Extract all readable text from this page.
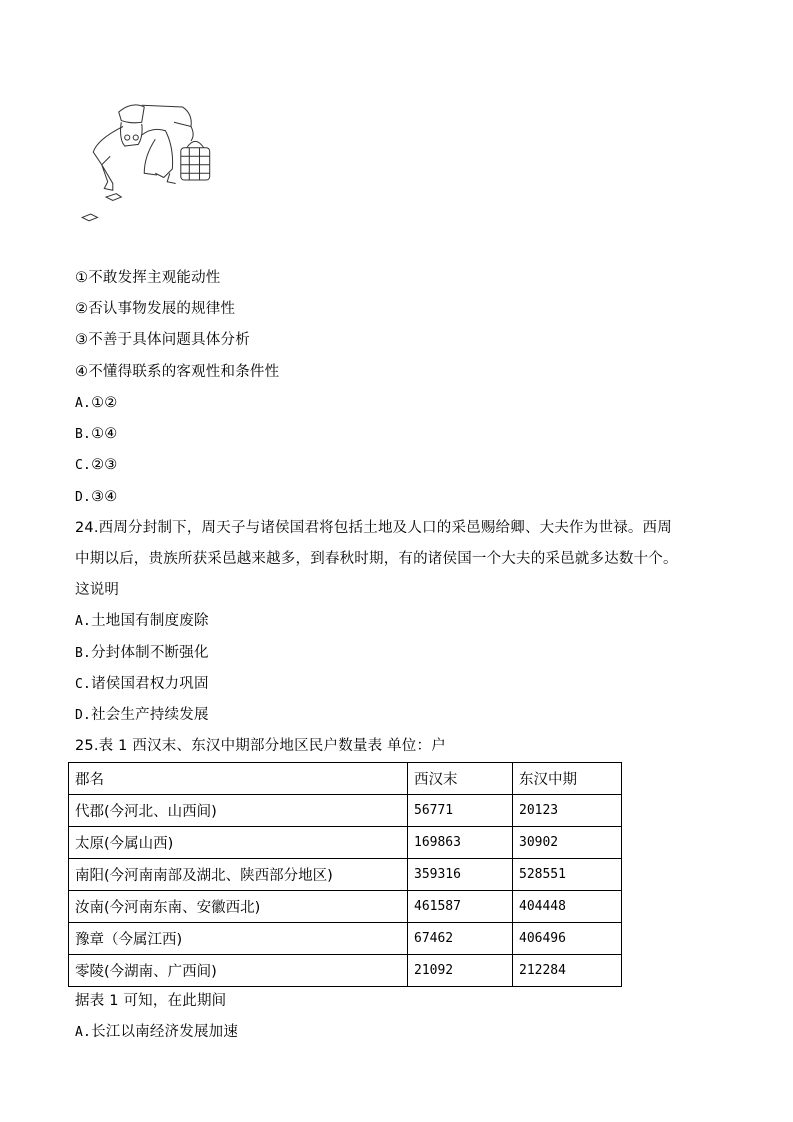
①不敢发挥主观能动性
②否认事物发展的规律性
③不善于具体问题具体分析
④不懂得联系的客观性和条件性
A.①②
B.①④
C.②③
D.③④
24.西周分封制下，周天子与诸侯国君将包括土地及人口的采邑赐给卿、大夫作为世禄。西周
中期以后，贵族所获采邑越来越多，到春秋时期，有的诸侯国一个大夫的采邑就多达数十个。
这说明
A.土地国有制度废除
B.分封体制不断强化
C.诸侯国君权力巩固
D.社会生产持续发展
25.表 1 西汉末、东汉中期部分地区民户数量表 单位：户
郡名	西汉末	东汉中期
代郡(今河北、山西间)	56771	20123
太原(今属山西)	169863	30902
南阳(今河南南部及湖北、陕西部分地区)	359316	528551
汝南(今河南东南、安徽西北)	461587	404448
豫章（今属江西)	67462	406496
零陵(今湖南、广西间)	21092	212284
据表 1 可知，在此期间
A.长江以南经济发展加速
